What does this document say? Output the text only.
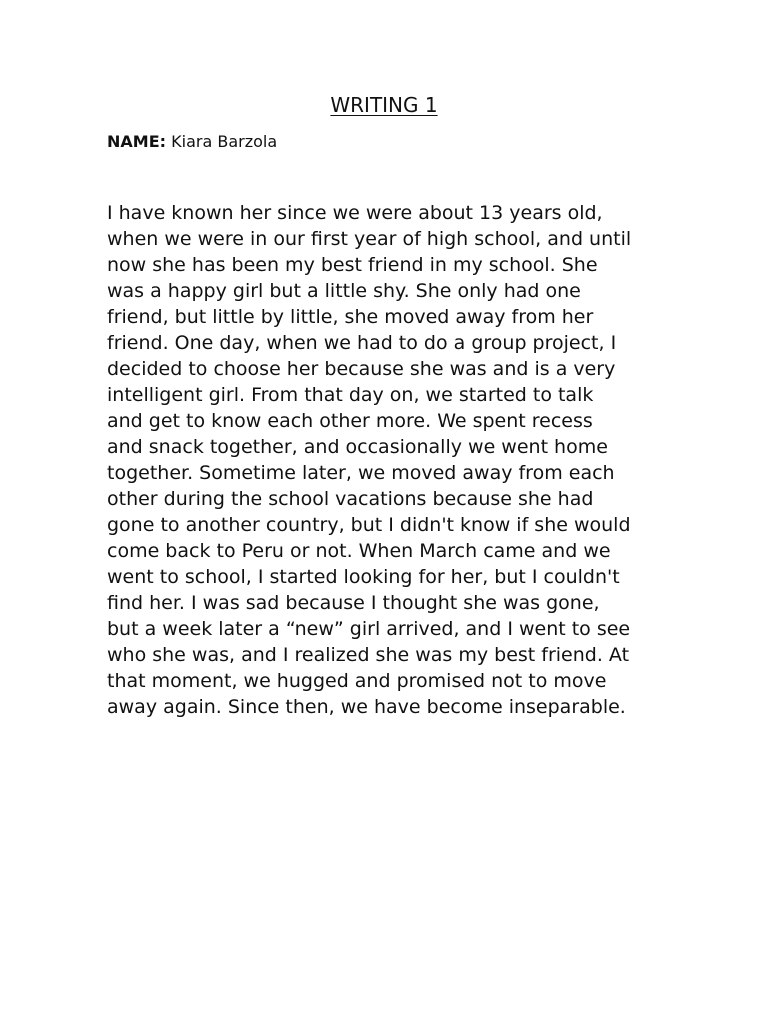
WRITING 1

NAME: Kiara Barzola

I have known her since we were about 13 years old,
when we were in our first year of high school, and until
now she has been my best friend in my school. She
was a happy girl but a little shy. She only had one
friend, but little by little, she moved away from her
friend. One day, when we had to do a group project, I
decided to choose her because she was and is a very
intelligent girl. From that day on, we started to talk
and get to know each other more. We spent recess
and snack together, and occasionally we went home
together. Sometime later, we moved away from each
other during the school vacations because she had
gone to another country, but I didn't know if she would
come back to Peru or not. When March came and we
went to school, I started looking for her, but I couldn't
find her. I was sad because I thought she was gone,
but a week later a “new” girl arrived, and I went to see
who she was, and I realized she was my best friend. At
that moment, we hugged and promised not to move
away again. Since then, we have become inseparable.
